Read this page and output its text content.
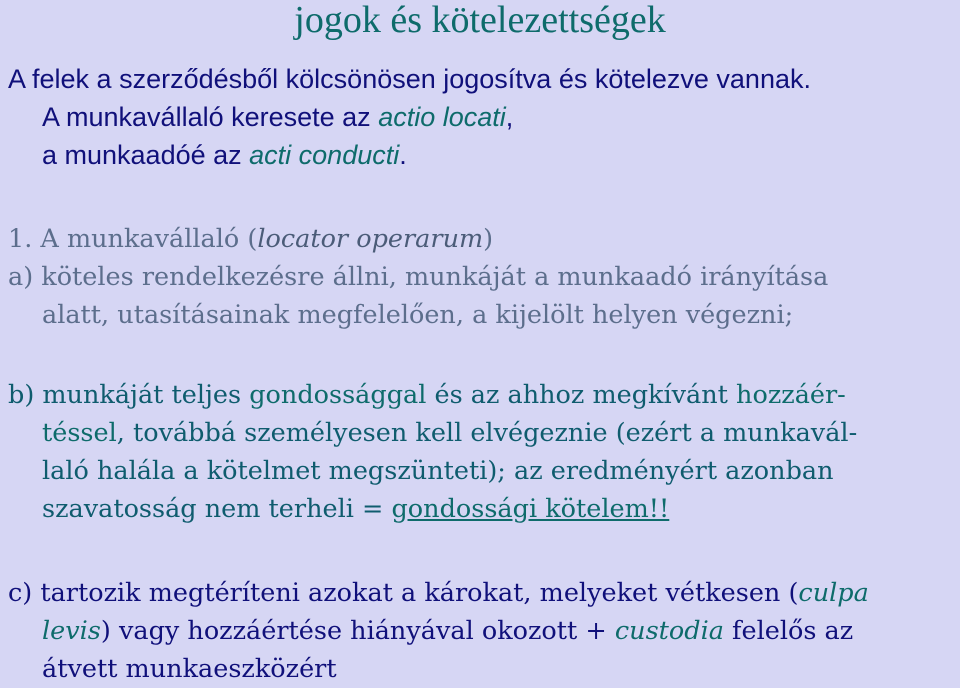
jogok és kötelezettségek
A felek a szerződésből kölcsönösen jogosítva és kötelezve vannak.
A munkavállaló keresete az actio locati,
a munkaadóé az acti conducti.
1. A munkavállaló (locator operarum)
a) köteles rendelkezésre állni, munkáját a munkaadó irányítása
alatt, utasításainak megfelelően, a kijelölt helyen végezni;
b) munkáját teljes gondossággal és az ahhoz megkívánt hozzáér-
téssel, továbbá személyesen kell elvégeznie (ezért a munkavál-
laló halála a kötelmet megszünteti); az eredményért azonban
szavatosság nem terheli = gondossági kötelem!!
c) tartozik megtéríteni azokat a károkat, melyeket vétkesen (culpa
levis) vagy hozzáértése hiányával okozott + custodia felelős az
átvett munkaeszközért
